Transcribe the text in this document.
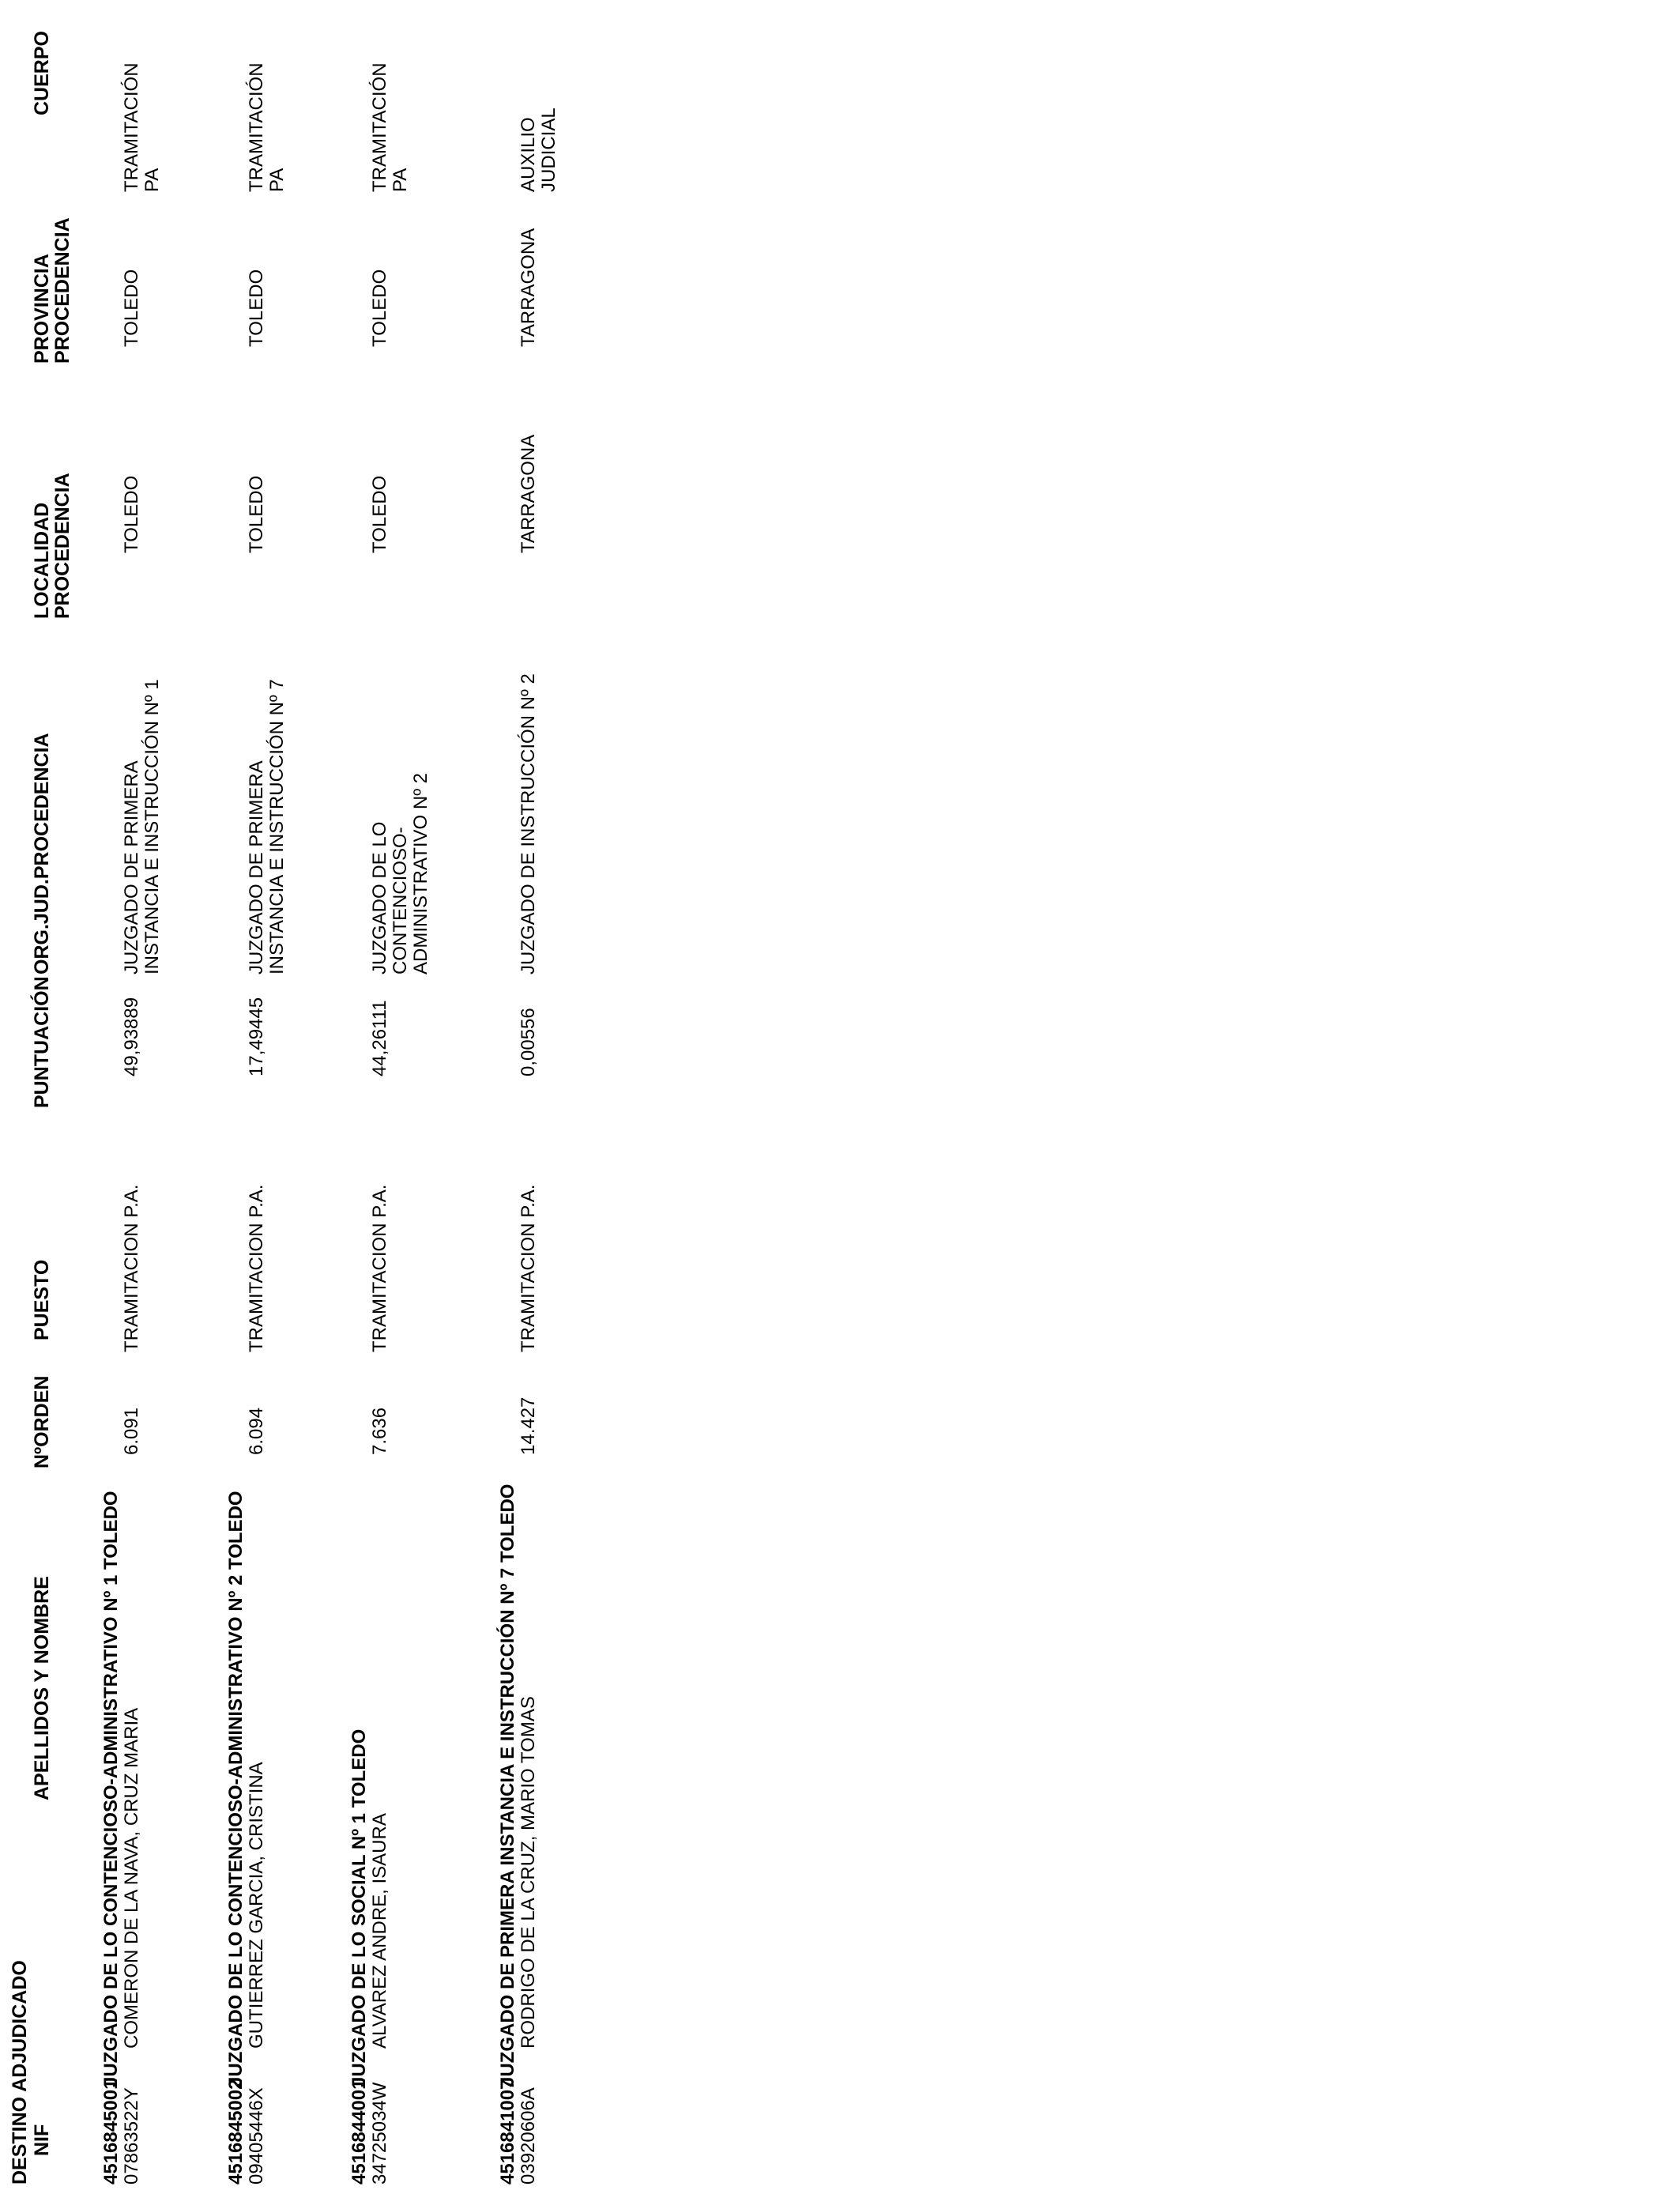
DESTINO ADJUDICADO NIF
APELLIDOS Y NOMBRE
NºORDEN
PUESTO
PUNTUACIÓN
ORG.JUD.PROCEDENCIA
LOCALIDAD
PROCEDENCIA
PROVINCIA
PROCEDENCIA
CUERPO
4516845001
JUZGADO DE LO CONTENCIOSO-ADMINISTRATIVO Nº 1 TOLEDO
07863522Y
COMERON DE LA NAVA, CRUZ MARIA
6.091
TRAMITACION P.A.
49,93889
JUZGADO DE PRIMERA
INSTANCIA E INSTRUCCIÓN Nº 1
TOLEDO
TOLEDO
TRAMITACIÓN
PA
4516845002
JUZGADO DE LO CONTENCIOSO-ADMINISTRATIVO Nº 2 TOLEDO
09405446X
GUTIERREZ GARCIA, CRISTINA
6.094
TRAMITACION P.A.
17,49445
JUZGADO DE PRIMERA
INSTANCIA E INSTRUCCIÓN Nº 7
TOLEDO
TOLEDO
TRAMITACIÓN
PA
4516844001
JUZGADO DE LO SOCIAL Nº 1 TOLEDO
34725034W
ALVAREZ ANDRE, ISAURA
7.636
TRAMITACION P.A.
44,26111
JUZGADO DE LO
CONTENCIOSO-
ADMINISTRATIVO Nº 2
TOLEDO
TOLEDO
TRAMITACIÓN
PA
4516841007
JUZGADO DE PRIMERA INSTANCIA E INSTRUCCIÓN Nº 7 TOLEDO
03920606A
RODRIGO DE LA CRUZ, MARIO TOMAS
14.427
TRAMITACION P.A.
0,00556
JUZGADO DE INSTRUCCIÓN Nº 2
TARRAGONA
TARRAGONA
AUXILIO
JUDICIAL
